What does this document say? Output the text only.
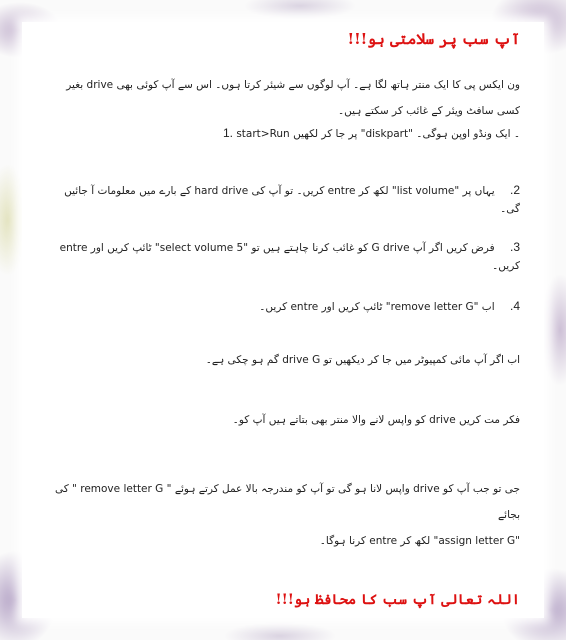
آپ سب پر سلامتی ہو!!!
ون ایکس پی کا ایک منتر ہاتھ لگا ہے۔ آپ لوگوں سے شیئر کرتا ہوں۔ اس سے آپ کوئی بھی drive بغیر کسی سافٹ ویئر کے غائب کر سکتے ہیں۔
1. start>Run پر جا کر لکھیں "diskpart" ۔ ایک ونڈو اوپن ہوگی۔
2. یہاں پر "list volume" لکھ کر entre کریں۔ تو آپ کی hard drive کے بارے میں معلومات آ جائیں گی۔
3. فرض کریں اگر آپ G drive کو غائب کرنا چاہتے ہیں تو "select volume 5" ٹائپ کریں اور entre کریں۔
4. اب "remove letter G" ٹائپ کریں اور entre کریں۔
اب اگر آپ مائی کمپیوٹر میں جا کر دیکھیں تو drive G گم ہو چکی ہے۔
فکر مت کریں drive کو واپس لانے والا منتر بھی بتاتے ہیں آپ کو۔
جی تو جب آپ کو drive واپس لانا ہو گی تو آپ کو مندرجہ بالا عمل کرتے ہوئے " remove letter G " کی بجائے
"assign letter G" لکھ کر entre کرنا ہوگا۔
اللہ تعالی آپ سب کا محافظ ہو!!!
